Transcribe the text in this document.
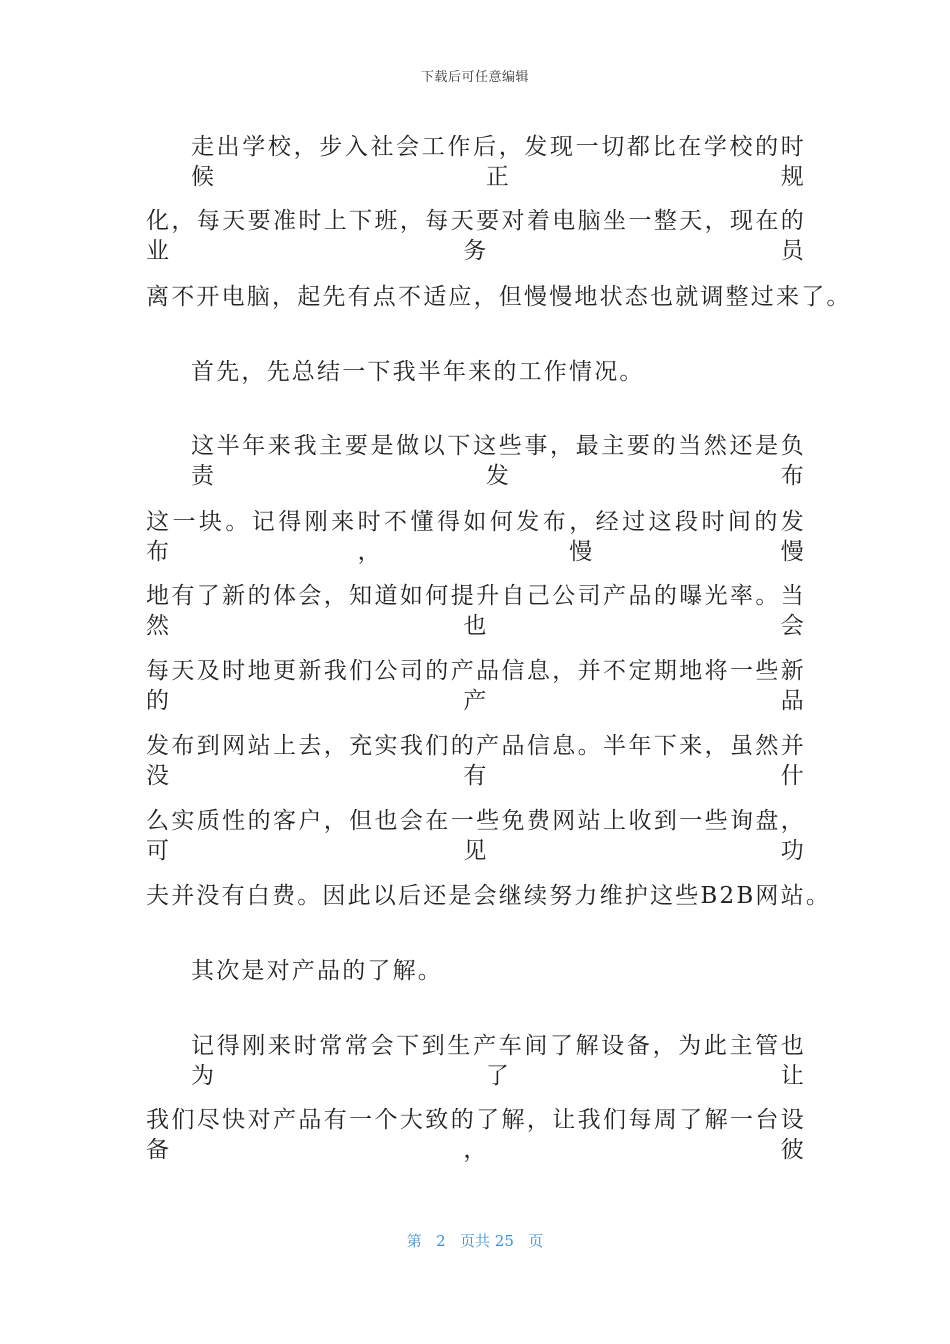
下载后可任意编辑
走出学校，步入社会工作后，发现一切都比在学校的时候正规
化，每天要准时上下班，每天要对着电脑坐一整天，现在的业务员
离不开电脑，起先有点不适应，但慢慢地状态也就调整过来了。
首先，先总结一下我半年来的工作情况。
这半年来我主要是做以下这些事，最主要的当然还是负责发布
这一块。记得刚来时不懂得如何发布，经过这段时间的发布，慢慢
地有了新的体会，知道如何提升自己公司产品的曝光率。当然也会
每天及时地更新我们公司的产品信息，并不定期地将一些新的产品
发布到网站上去，充实我们的产品信息。半年下来，虽然并没有什
么实质性的客户，但也会在一些免费网站上收到一些询盘，可见功
夫并没有白费。因此以后还是会继续努力维护这些B2B网站。
其次是对产品的了解。
记得刚来时常常会下到生产车间了解设备，为此主管也为了让
我们尽快对产品有一个大致的了解，让我们每周了解一台设备，彼
第 2 页共 25 页
